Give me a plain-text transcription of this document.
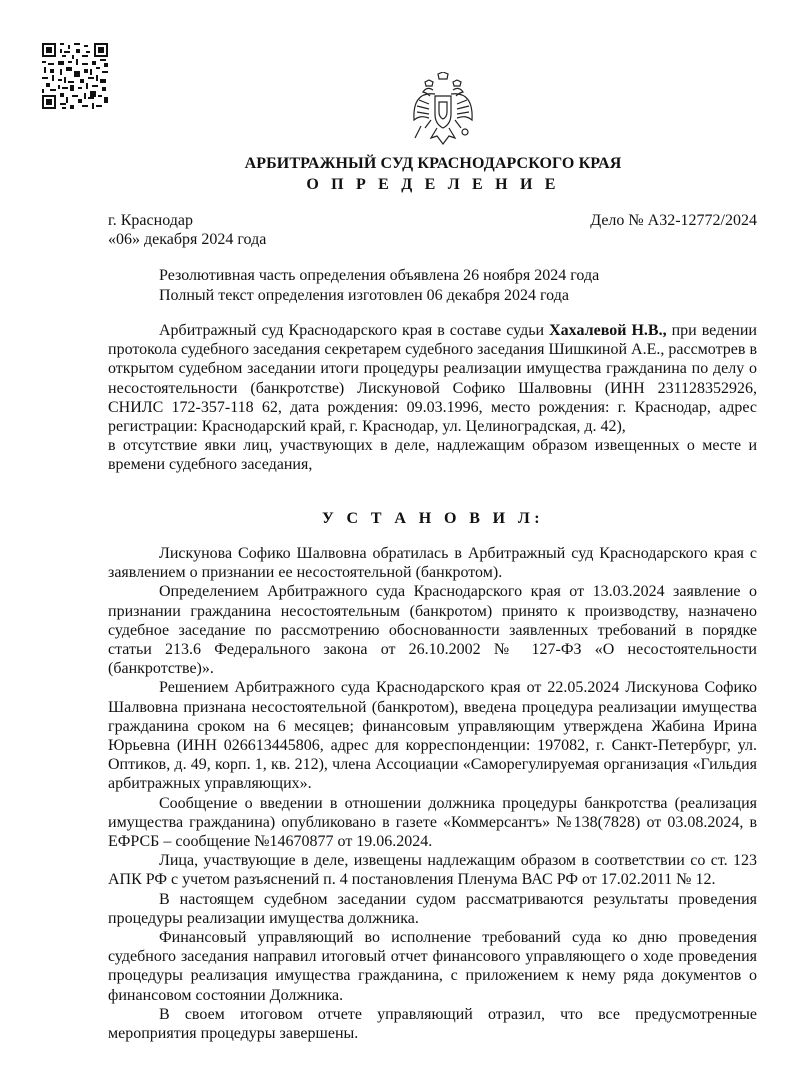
АРБИТРАЖНЫЙ СУД КРАСНОДАРСКОГО КРАЯ
О П Р Е Д Е Л Е Н И Е
г. Краснодар
«06» декабря 2024 года
Дело № А32-12772/2024
Резолютивная часть определения объявлена 26 ноября 2024 года
Полный текст определения изготовлен 06 декабря 2024 года

Арбитражный суд Краснодарского края в составе судьи Хахалевой Н.В., при ведении протокола судебного заседания секретарем судебного заседания Шишкиной А.Е., рассмотрев в открытом судебном заседании итоги процедуры реализации имущества гражданина по делу о несостоятельности (банкротстве) Лискуновой Софико Шалвовны (ИНН 231128352926, СНИЛС 172-357-118 62, дата рождения: 09.03.1996, место рождения: г. Краснодар, адрес регистрации: Краснодарский край, г. Краснодар, ул. Целиноградская, д. 42),

в отсутствие явки лиц, участвующих в деле, надлежащим образом извещенных о месте и времени судебного заседания,

У С Т А Н О В И Л:

Лискунова Софико Шалвовна обратилась в Арбитражный суд Краснодарского края с заявлением о признании ее несостоятельной (банкротом).

Определением Арбитражного суда Краснодарского края от 13.03.2024 заявление о признании гражданина несостоятельным (банкротом) принято к производству, назначено судебное заседание по рассмотрению обоснованности заявленных требований в порядке статьи 213.6 Федерального закона от 26.10.2002 № 127-ФЗ «О несостоятельности (банкротстве)».

Решением Арбитражного суда Краснодарского края от 22.05.2024 Лискунова Софико Шалвовна признана несостоятельной (банкротом), введена процедура реализации имущества гражданина сроком на 6 месяцев; финансовым управляющим утверждена Жабина Ирина Юрьевна (ИНН 026613445806, адрес для корреспонденции: 197082, г. Санкт-Петербург, ул. Оптиков, д. 49, корп. 1, кв. 212), члена Ассоциации «Саморегулируемая организация «Гильдия арбитражных управляющих».

Сообщение о введении в отношении должника процедуры банкротства (реализация имущества гражданина) опубликовано в газете «Коммерсантъ» №138(7828) от 03.08.2024, в ЕФРСБ – сообщение №14670877 от 19.06.2024.

Лица, участвующие в деле, извещены надлежащим образом в соответствии со ст. 123 АПК РФ с учетом разъяснений п. 4 постановления Пленума ВАС РФ от 17.02.2011 № 12.

В настоящем судебном заседании судом рассматриваются результаты проведения процедуры реализации имущества должника.

Финансовый управляющий во исполнение требований суда ко дню проведения судебного заседания направил итоговый отчет финансового управляющего о ходе проведения процедуры реализация имущества гражданина, с приложением к нему ряда документов о финансовом состоянии Должника.

В своем итоговом отчете управляющий отразил, что все предусмотренные мероприятия процедуры завершены.
